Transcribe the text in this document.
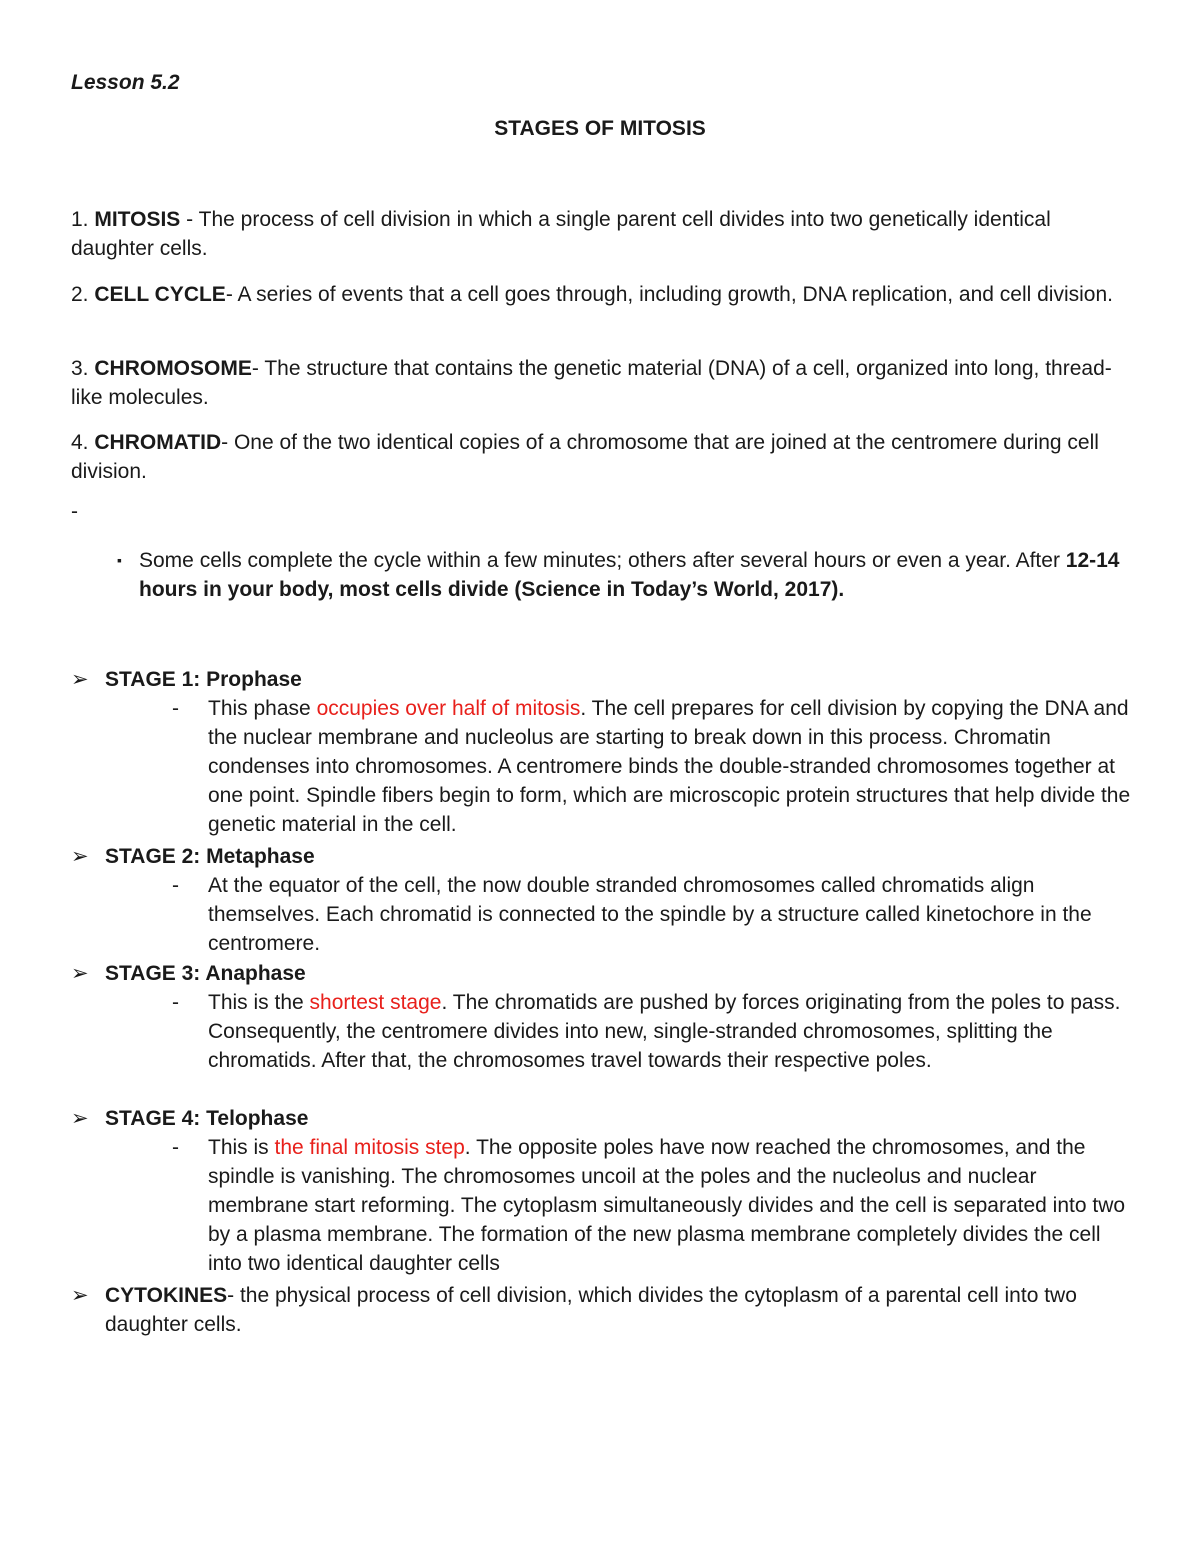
Lesson 5.2
STAGES OF MITOSIS
1. MITOSIS - The process of cell division in which a single parent cell divides into two genetically identical daughter cells.
2. CELL CYCLE- A series of events that a cell goes through, including growth, DNA replication, and cell division.
3. CHROMOSOME- The structure that contains the genetic material (DNA) of a cell, organized into long, thread-like molecules.
4. CHROMATID- One of the two identical copies of a chromosome that are joined at the centromere during cell division.
-
▪ Some cells complete the cycle within a few minutes; others after several hours or even a year. After 12-14 hours in your body, most cells divide (Science in Today’s World, 2017).
➢ STAGE 1: Prophase
- This phase occupies over half of mitosis. The cell prepares for cell division by copying the DNA and the nuclear membrane and nucleolus are starting to break down in this process. Chromatin condenses into chromosomes. A centromere binds the double-stranded chromosomes together at one point. Spindle fibers begin to form, which are microscopic protein structures that help divide the genetic material in the cell.
➢ STAGE 2: Metaphase
- At the equator of the cell, the now double stranded chromosomes called chromatids align themselves. Each chromatid is connected to the spindle by a structure called kinetochore in the centromere.
➢ STAGE 3: Anaphase
- This is the shortest stage. The chromatids are pushed by forces originating from the poles to pass. Consequently, the centromere divides into new, single-stranded chromosomes, splitting the chromatids. After that, the chromosomes travel towards their respective poles.
➢ STAGE 4: Telophase
- This is the final mitosis step. The opposite poles have now reached the chromosomes, and the spindle is vanishing. The chromosomes uncoil at the poles and the nucleolus and nuclear membrane start reforming. The cytoplasm simultaneously divides and the cell is separated into two by a plasma membrane. The formation of the new plasma membrane completely divides the cell into two identical daughter cells
➢ CYTOKINES- the physical process of cell division, which divides the cytoplasm of a parental cell into two daughter cells.
